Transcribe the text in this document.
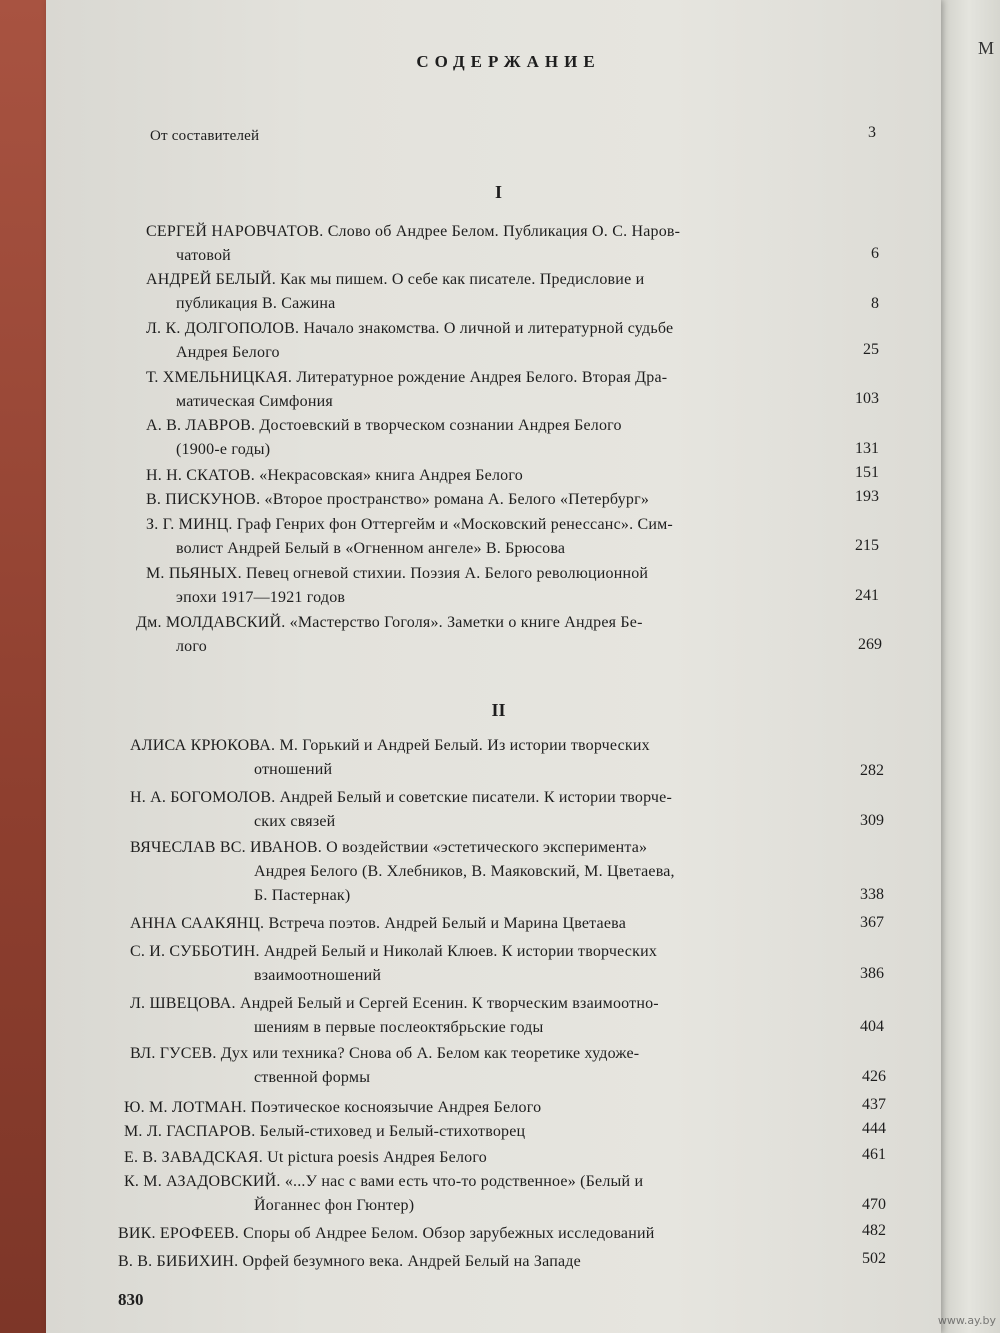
M
СОДЕРЖАНИЕ
От составителей	3
I
СЕРГЕЙ НАРОВЧАТОВ. Слово об Андрее Белом. Публикация О. С. Наров-
чатовой	6
АНДРЕЙ БЕЛЫЙ. Как мы пишем. О себе как писателе. Предисловие и
публикация В. Сажина	8
Л. К. ДОЛГОПОЛОВ. Начало знакомства. О личной и литературной судьбе
Андрея Белого	25
Т. ХМЕЛЬНИЦКАЯ. Литературное рождение Андрея Белого. Вторая Дра-
матическая Симфония	103
А. В. ЛАВРОВ. Достоевский в творческом сознании Андрея Белого
(1900-е годы)	131
Н. Н. СКАТОВ. «Некрасовская» книга Андрея Белого	151
В. ПИСКУНОВ. «Второе пространство» романа А. Белого «Петербург»	193
З. Г. МИНЦ. Граф Генрих фон Оттергейм и «Московский ренессанс». Сим-
волист Андрей Белый в «Огненном ангеле» В. Брюсова	215
М. ПЬЯНЫХ. Певец огневой стихии. Поэзия А. Белого революционной
эпохи 1917—1921 годов	241
Дм. МОЛДАВСКИЙ. «Мастерство Гоголя». Заметки о книге Андрея Бе-
лого	269
II
АЛИСА КРЮКОВА. М. Горький и Андрей Белый. Из истории творческих
отношений	282
Н. А. БОГОМОЛОВ. Андрей Белый и советские писатели. К истории творче-
ских связей	309
ВЯЧЕСЛАВ ВС. ИВАНОВ. О воздействии «эстетического эксперимента»
Андрея Белого (В. Хлебников, В. Маяковский, М. Цветаева,
Б. Пастернак)	338
АННА СААКЯНЦ. Встреча поэтов. Андрей Белый и Марина Цветаева	367
С. И. СУББОТИН. Андрей Белый и Николай Клюев. К истории творческих
взаимоотношений	386
Л. ШВЕЦОВА. Андрей Белый и Сергей Есенин. К творческим взаимоотно-
шениям в первые послеоктябрьские годы	404
ВЛ. ГУСЕВ. Дух или техника? Снова об А. Белом как теоретике художе-
ственной формы	426
Ю. М. ЛОТМАН. Поэтическое косноязычие Андрея Белого	437
М. Л. ГАСПАРОВ. Белый-стиховед и Белый-стихотворец	444
Е. В. ЗАВАДСКАЯ. Ut pictura poesis Андрея Белого	461
К. М. АЗАДОВСКИЙ. «...У нас с вами есть что-то родственное» (Белый и
Йоганнес фон Гюнтер)	470
ВИК. ЕРОФЕЕВ. Споры об Андрее Белом. Обзор зарубежных исследований	482
В. В. БИБИХИН. Орфей безумного века. Андрей Белый на Западе	502
830
www.ay.by
